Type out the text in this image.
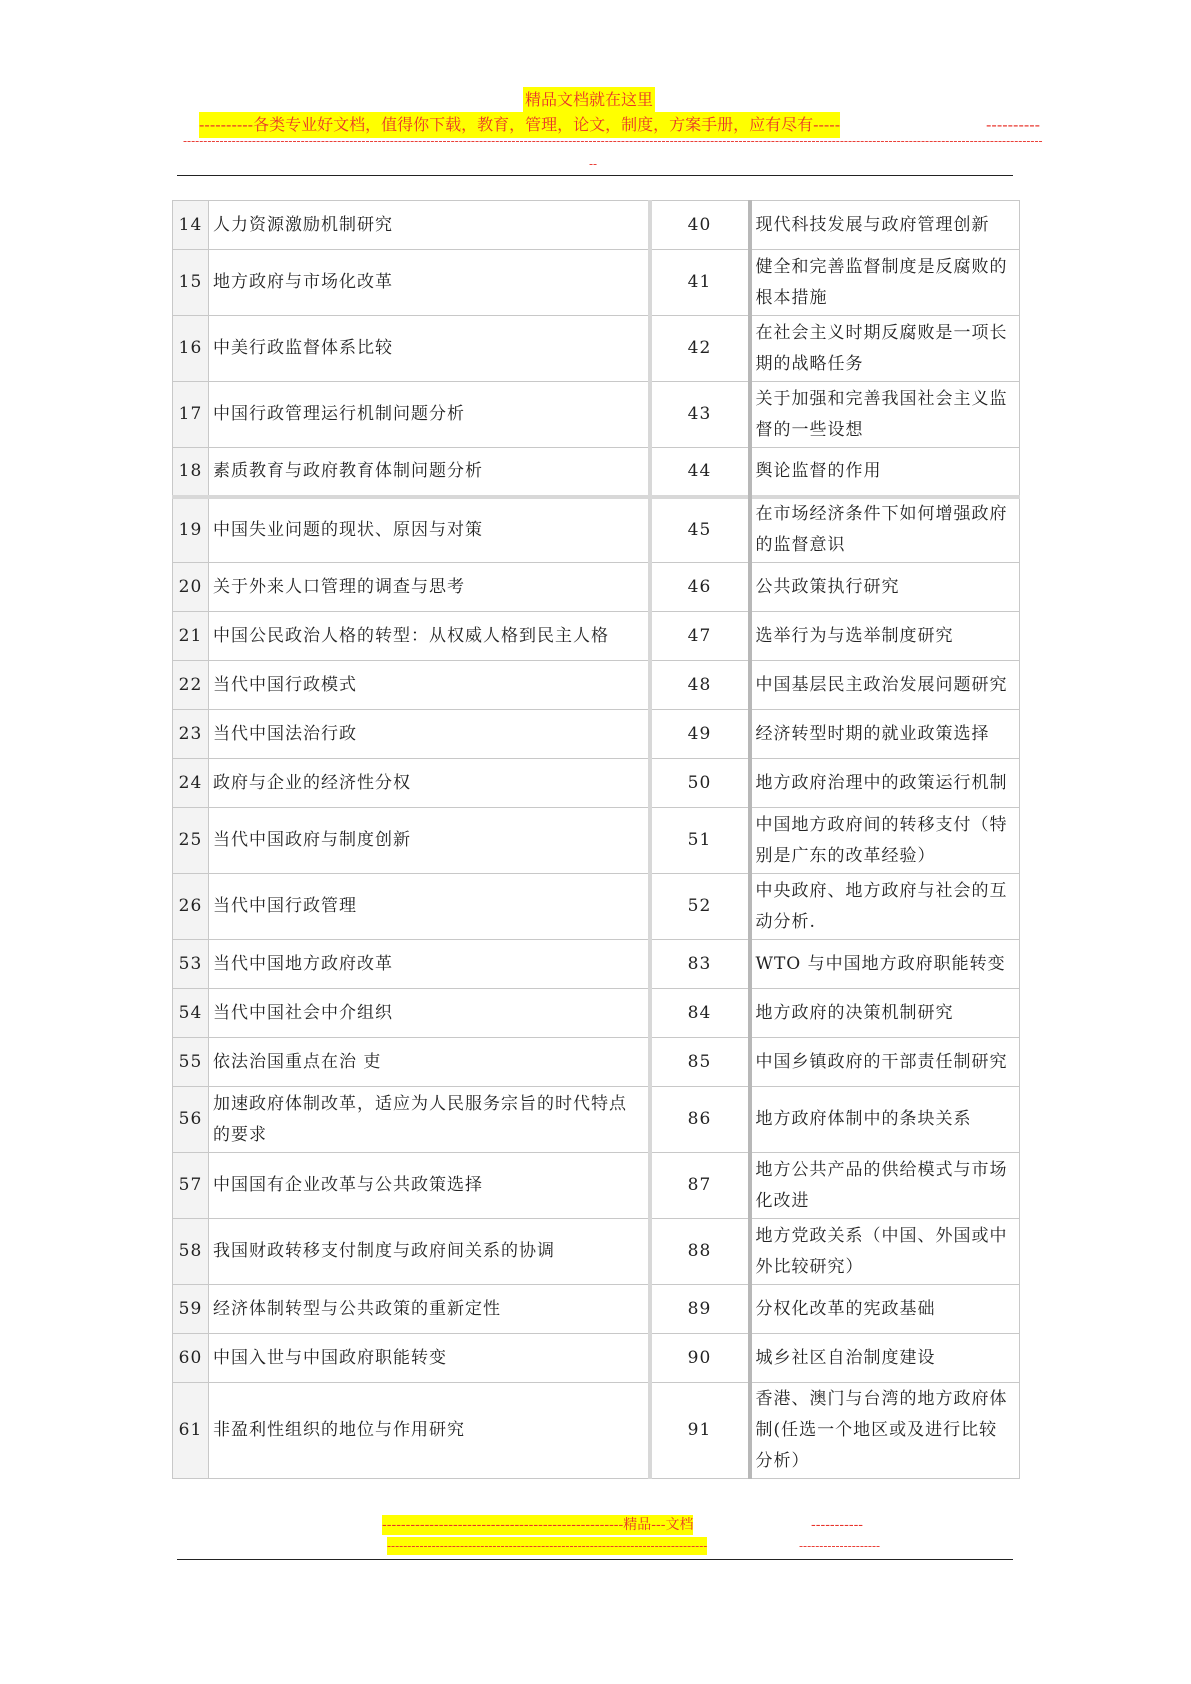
精品文档就在这里
----------各类专业好文档，值得你下载，教育，管理，论文，制度，方案手册，应有尽有-----	----------
--------------------------------------------------------------------------------------------------------------------------------------------------------------------------------------------------------------------
--
14	人力资源激励机制研究	40	现代科技发展与政府管理创新
15	地方政府与市场化改革	41	健全和完善监督制度是反腐败的根本措施
16	中美行政监督体系比较	42	在社会主义时期反腐败是一项长期的战略任务
17	中国行政管理运行机制问题分析	43	关于加强和完善我国社会主义监督的一些设想
18	素质教育与政府教育体制问题分析	44	舆论监督的作用
19	中国失业问题的现状、原因与对策	45	在市场经济条件下如何增强政府的监督意识
20	关于外来人口管理的调查与思考	46	公共政策执行研究
21	中国公民政治人格的转型：从权威人格到民主人格	47	选举行为与选举制度研究
22	当代中国行政模式	48	中国基层民主政治发展问题研究
23	当代中国法治行政	49	经济转型时期的就业政策选择
24	政府与企业的经济性分权	50	地方政府治理中的政策运行机制
25	当代中国政府与制度创新	51	中国地方政府间的转移支付（特别是广东的改革经验）
26	当代中国行政管理	52	中央政府、地方政府与社会的互动分析.
53	当代中国地方政府改革	83	WTO 与中国地方政府职能转变
54	当代中国社会中介组织	84	地方政府的决策机制研究
55	依法治国重点在治 吏	85	中国乡镇政府的干部责任制研究
56	加速政府体制改革，适应为人民服务宗旨的时代特点的要求	86	地方政府体制中的条块关系
57	中国国有企业改革与公共政策选择	87	地方公共产品的供给模式与市场化改进
58	我国财政转移支付制度与政府间关系的协调	88	地方党政关系（中国、外国或中外比较研究）
59	经济体制转型与公共政策的重新定性	89	分权化改革的宪政基础
60	中国入世与中国政府职能转变	90	城乡社区自治制度建设
61	非盈利性组织的地位与作用研究	91	香港、澳门与台湾的地方政府体制(任选一个地区或及进行比较分析）
---------------------------------------------------精品---文档	-----------
-------------------------------------------------------------------------------	--------------------
